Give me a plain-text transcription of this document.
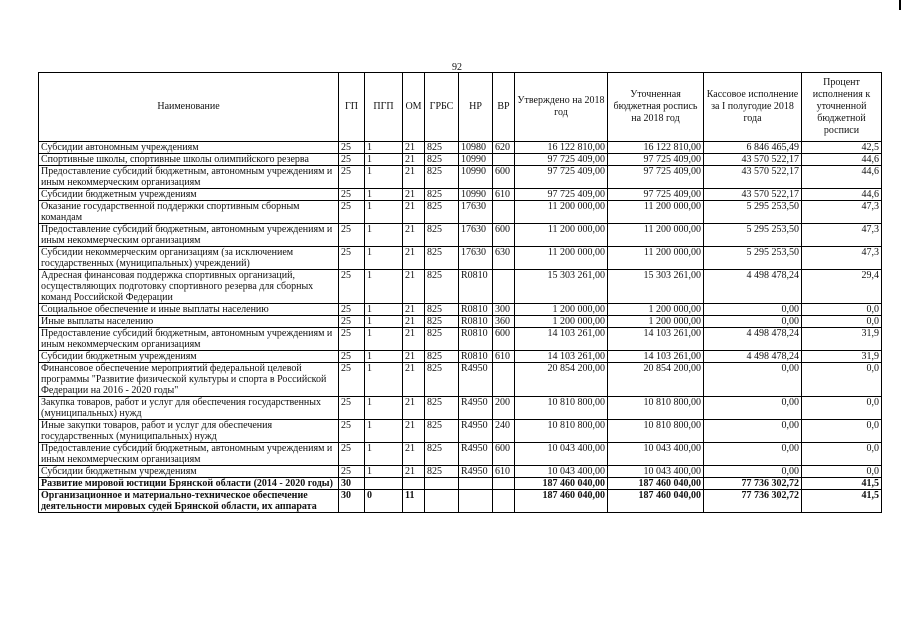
92
Наименование	ГП	ПГП	ОМ	ГРБС	НР	ВР	Утверждено на 2018 год	Уточненная бюджетная роспись на 2018 год	Кассовое исполнение за I полугодие 2018 года	Процент исполнения к уточненной бюджетной росписи
Субсидии автономным учреждениям	25	1	21	825	10980	620	16 122 810,00	16 122 810,00	6 846 465,49	42,5
Спортивные школы, спортивные школы олимпийского резерва	25	1	21	825	10990		97 725 409,00	97 725 409,00	43 570 522,17	44,6
Предоставление субсидий бюджетным, автономным учреждениям и иным некоммерческим организациям	25	1	21	825	10990	600	97 725 409,00	97 725 409,00	43 570 522,17	44,6
Субсидии бюджетным учреждениям	25	1	21	825	10990	610	97 725 409,00	97 725 409,00	43 570 522,17	44,6
Оказание государственной поддержки спортивным сборным командам	25	1	21	825	17630		11 200 000,00	11 200 000,00	5 295 253,50	47,3
Предоставление субсидий бюджетным, автономным учреждениям и иным некоммерческим организациям	25	1	21	825	17630	600	11 200 000,00	11 200 000,00	5 295 253,50	47,3
Субсидии некоммерческим организациям (за исключением государственных (муниципальных) учреждений)	25	1	21	825	17630	630	11 200 000,00	11 200 000,00	5 295 253,50	47,3
Адресная финансовая поддержка спортивных организаций, осуществляющих подготовку спортивного резерва для сборных команд Российской Федерации	25	1	21	825	R0810		15 303 261,00	15 303 261,00	4 498 478,24	29,4
Социальное обеспечение и иные выплаты населению	25	1	21	825	R0810	300	1 200 000,00	1 200 000,00	0,00	0,0
Иные выплаты населению	25	1	21	825	R0810	360	1 200 000,00	1 200 000,00	0,00	0,0
Предоставление субсидий бюджетным, автономным учреждениям и иным некоммерческим организациям	25	1	21	825	R0810	600	14 103 261,00	14 103 261,00	4 498 478,24	31,9
Субсидии бюджетным учреждениям	25	1	21	825	R0810	610	14 103 261,00	14 103 261,00	4 498 478,24	31,9
Финансовое обеспечение мероприятий федеральной целевой программы "Развитие физической культуры и спорта в Российской Федерации на 2016 - 2020 годы"	25	1	21	825	R4950		20 854 200,00	20 854 200,00	0,00	0,0
Закупка товаров, работ и услуг для обеспечения государственных (муниципальных) нужд	25	1	21	825	R4950	200	10 810 800,00	10 810 800,00	0,00	0,0
Иные закупки товаров, работ и услуг для обеспечения государственных (муниципальных) нужд	25	1	21	825	R4950	240	10 810 800,00	10 810 800,00	0,00	0,0
Предоставление субсидий бюджетным, автономным учреждениям и иным некоммерческим организациям	25	1	21	825	R4950	600	10 043 400,00	10 043 400,00	0,00	0,0
Субсидии бюджетным учреждениям	25	1	21	825	R4950	610	10 043 400,00	10 043 400,00	0,00	0,0
Развитие мировой юстиции Брянской области (2014 - 2020 годы)	30						187 460 040,00	187 460 040,00	77 736 302,72	41,5
Организационное и материально-техническое обеспечение деятельности мировых судей Брянской области, их аппарата	30	0	11				187 460 040,00	187 460 040,00	77 736 302,72	41,5
